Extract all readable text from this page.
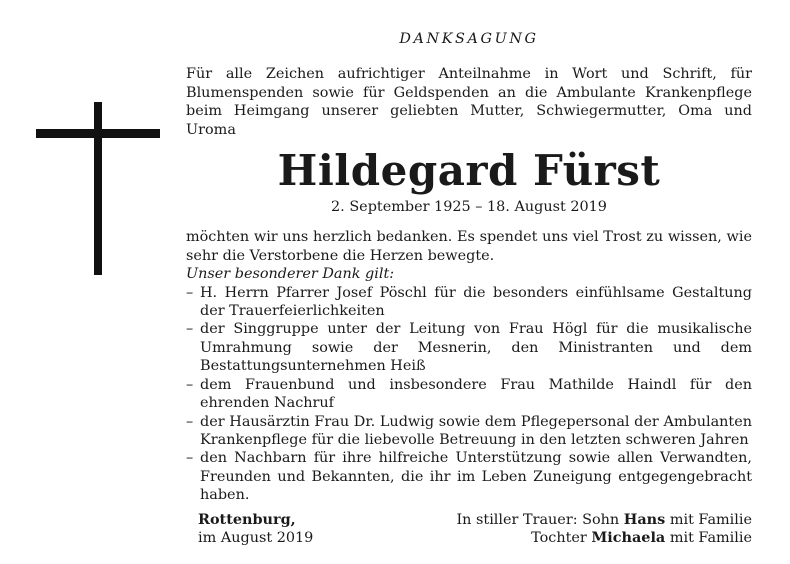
DANKSAGUNG

Für alle Zeichen aufrichtiger Anteilnahme in Wort und Schrift, für Blumenspenden sowie für Geldspenden an die Ambulante Krankenpflege beim Heimgang unserer geliebten Mutter, Schwiegermutter, Oma und Uroma

Hildegard Fürst

2. September 1925 – 18. August 2019

möchten wir uns herzlich bedanken. Es spendet uns viel Trost zu wissen, wie sehr die Verstorbene die Herzen bewegte.

Unser besonderer Dank gilt:

– H. Herrn Pfarrer Josef Pöschl für die besonders einfühlsame Gestaltung der Trauerfeierlichkeiten
– der Singgruppe unter der Leitung von Frau Högl für die musikalische Umrahmung sowie der Mesnerin, den Ministranten und dem Bestattungsunternehmen Heiß
– dem Frauenbund und insbesondere Frau Mathilde Haindl für den ehrenden Nachruf
– der Hausärztin Frau Dr. Ludwig sowie dem Pflegepersonal der Ambulanten Krankenpflege für die liebevolle Betreuung in den letzten schweren Jahren
– den Nachbarn für ihre hilfreiche Unterstützung sowie allen Verwandten, Freunden und Bekannten, die ihr im Leben Zuneigung entgegengebracht haben.
Rottenburg,
im August 2019
In stiller Trauer: Sohn Hans mit Familie
Tochter Michaela mit Familie
